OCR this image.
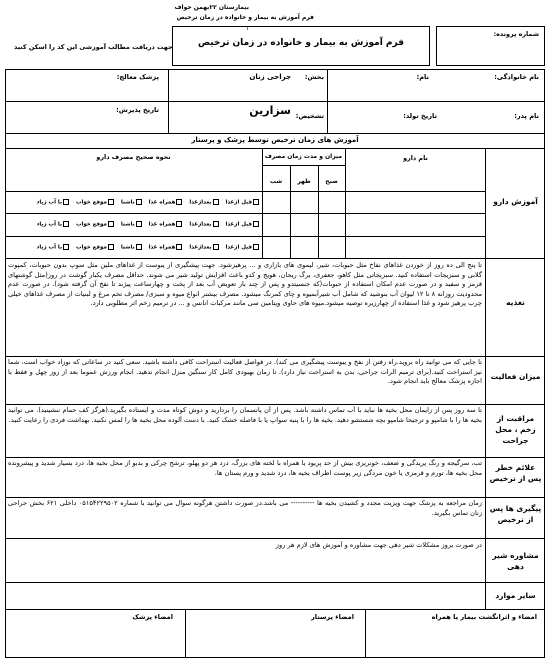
بیمارستان ۲۲بهمن خواف
فرم آموزش به بیمار و خانواده در زمان ترخیص
۱
جهت دریافت مطالب آموزشی این کد را اسکن کنید	فرم آموزش به بیمار و خانواده در زمان ترخیص
شماره پرونده:
نام خانوادگی:
نام:
بخش:
جراحی زنان
پزشک معالج:
نام پدر:
تاریخ تولد:
تشخیص:
سزارین
تاریخ پذیرش:
آموزش های زمان ترخیص توسط پزشک و پرستار
آموزش دارو
نام دارو
میزان و مدت زمان مصرف
نحوه صحیح مصرف دارو
صبح
ظهر
شب
قبل ازغذا بعدازغذا همراه غذا ناشتا موقع خواب با آب زیاد
قبل ازغذا بعدازغذا همراه غذا ناشتا موقع خواب با آب زیاد
قبل ازغذا بعدازغذا همراه غذا ناشتا موقع خواب با آب زیاد
تغذیه
تا پنج الی ده روز از خوردن غذاهای نفاخ مثل حبوبات، شیر، لیموی های بازاری و ... پرهیزشود. جهت پیشگیری از یبوست از غذاهای ملین مثل سوپ بدون حبوبات، کمپوت گلابی و سبزیجات استفاده کنید. سبزیجاتی مثل کاهو، جعفری، برگ ریحان، هویج و کدو باعث افزایش تولید شیر می شوند. حداقل مصرف یکبار گوشت در روز(مثل گوشتهای قرمز و سفید و در صورت عدم امکان استفاده از حبوبات(که جنسیتدو و پس از چند بار تعویض آب بعد از پخت و چهارساعت پیژند تا نفخ آن گرفته شود). در صورت عدم محدودیت روزانه ۸ تا ۱۲ لیوان آب بنوشید که شامل آب شیرآبمیوه و چای کمرنگ میشود. مصرف بیشتر انواع میوه و سبزی/ مصرف تخم مرغ و لبنیات از مصرف غذاهای خیلی چرب پرهیز شود و غذا استفاده از چهارزیره توصیه میشود.میوه های حاوی ویتامین سی مانند مرکبات انانس و ... در ترمیم زخم اثر مطلوبی دارد.
میزان فعالیت
تا جایی که می توانید راه بروید.راه رفتن از نفخ و یبوست پیشگیری می کند). در فواصل فعالیت استراحت کافی داشته باشید. سعی کنید در ساعاتی که نوزاد خواب است، شما نیز استراحت کنید.(برای ترمیم الرات جراحی، بدن به استراحت نیاز دارد). تا زمان بهبودی کامل کار سنگین منزل انجام ندهید. انجام ورزش عموما بعد از روز چهل و فقط با اجازه پزشک معالج باید انجام شود.
مراقبت از زخم ، محل جراحت
تا سه روز پس از زایمان محل بخیه ها نباید با آب تماس داشته باشد. پس از آن پانسمان را بردارید و دوش کوتاه مدت و ایستاده بگیرید.(هرگز کف حمام ننشینید). می توانید بخیه ها را با شامپو و ترجیحا شامپو بچه شستشو دهید. بخیه ها را با پنبه سواپ یا با فاصله خشک کنید. با دست آلوده محل بخیه ها را لمس نکنید. بهداشت فردی را رعایت کنید.
علائم خطر پس از ترخیص
تب، سرگیجه و رنگ پریدگی و ضعف، خونریزی بیش از حد پریود یا همراه با لخته های بزرگ، درد هر دو پهلو، ترشح چرکی و بدبو از محل بخیه ها، درد بسیار شدید و پیشرونده محل بخیه ها، تورم و قرمزی یا خون مردگی زیر پوست اطراف بخیه ها، درد شدید و ورم پستان ها.
پیگیری ها پس از ترخیص
زمان مراجعه به پزشک جهت ویزیت مجدد و کشیدن بخیه ها ---------- می باشد.در صورت داشتن هرگونه سوال می توانید با شماره ۰۵۱۵۴۲۲۹۵۰۲ داخلی ۶۲۱ بخش جراحی زنان تماس بگیرید.
مشاوره شیر دهی
در صورت بروز مشکلات شیر دهی جهت مشاوره و آموزش های لازم هر روز
سایر موارد
امضاء و اثرانگشت بیمار یا همراه
امضاء پرستار
امضاء پزشک
